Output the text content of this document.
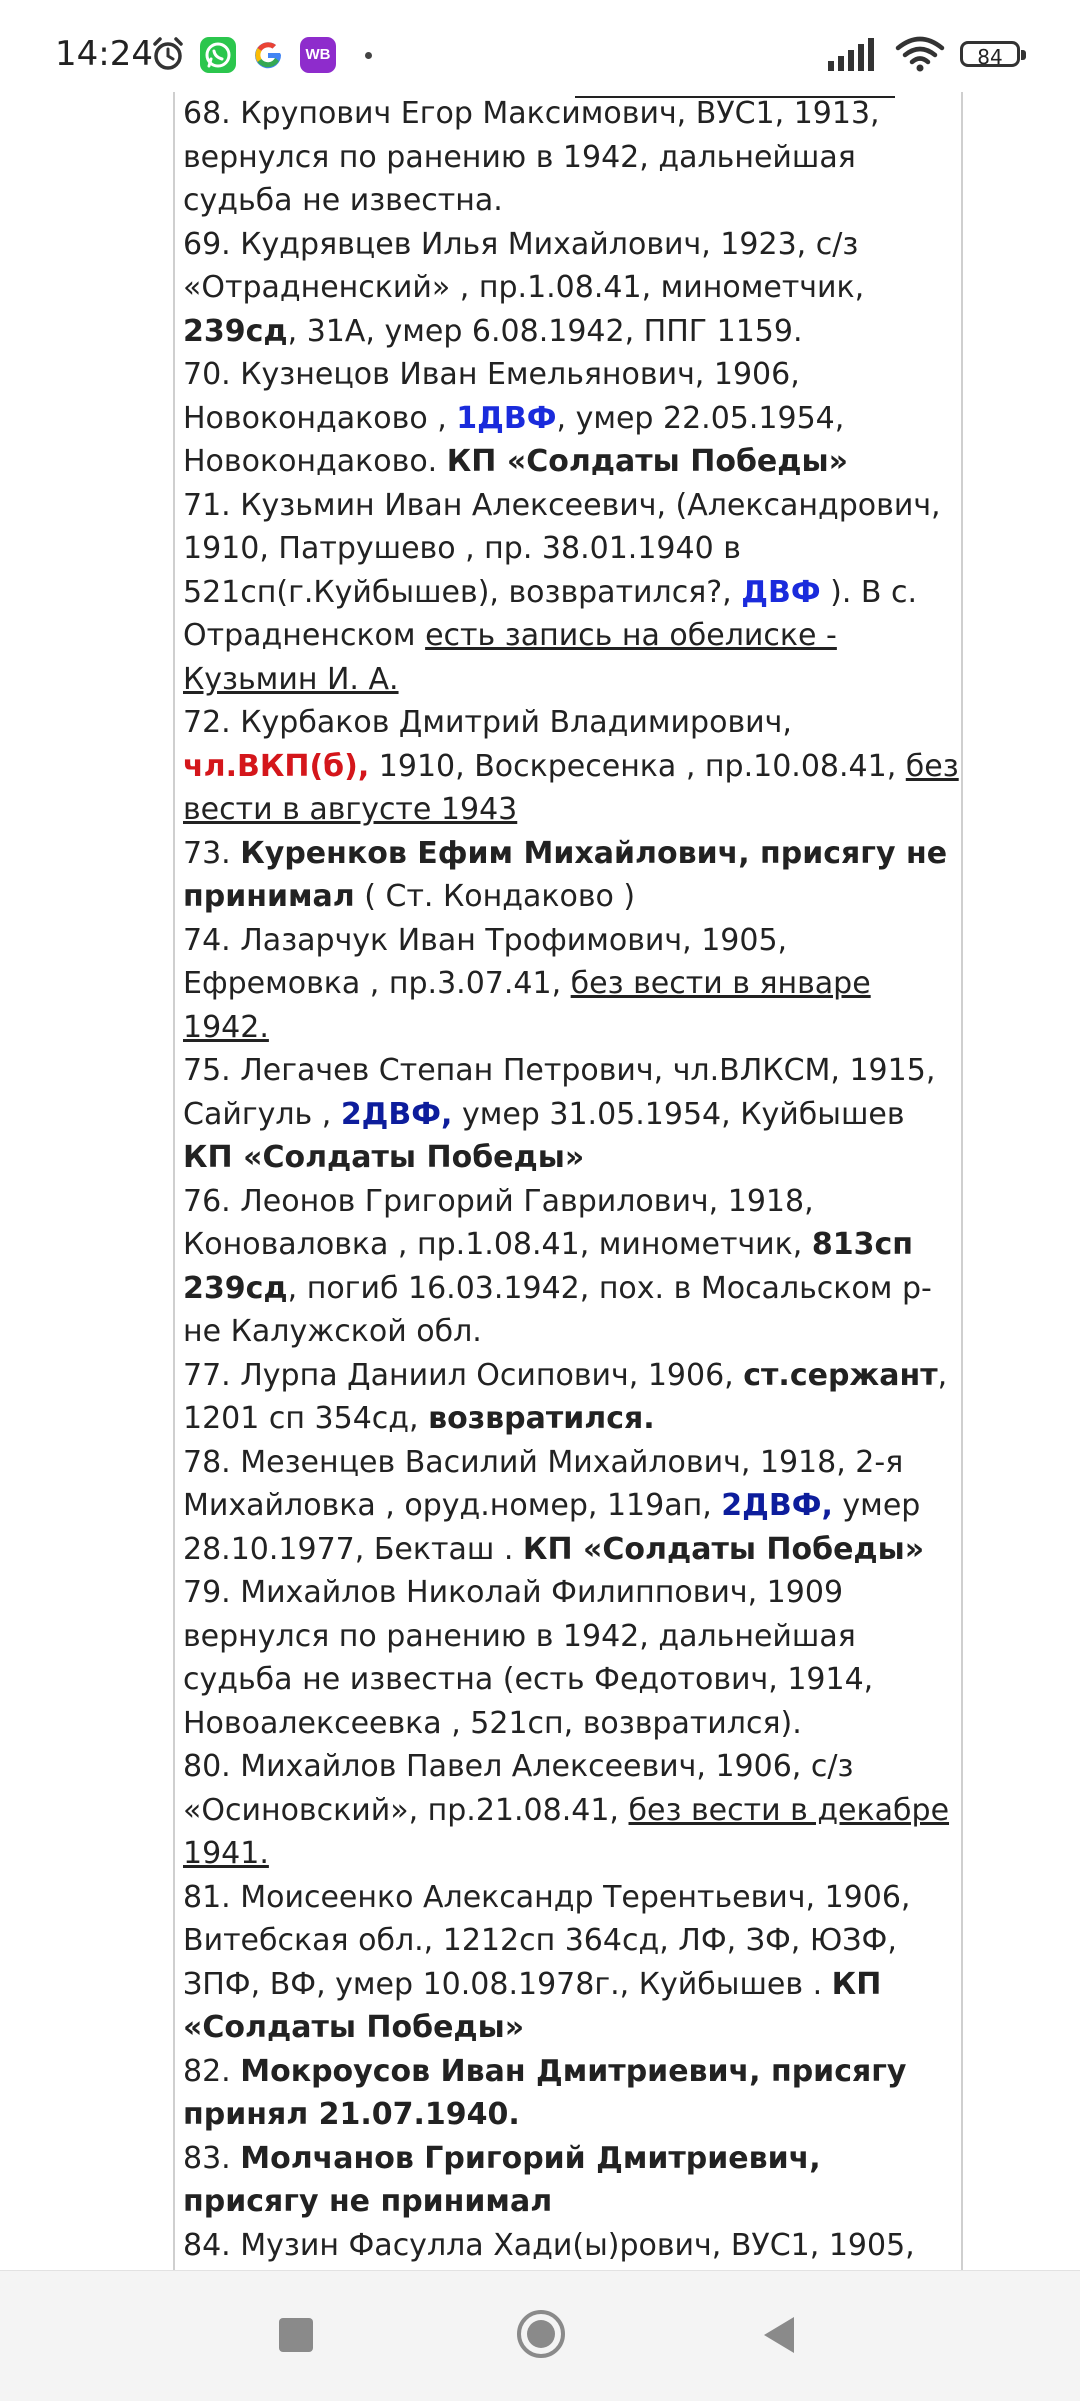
14:24	WB	84

68. Крупович Егор Максимович, ВУС1, 1913, вернулся по ранению в 1942, дальнейшая судьба не известна.

69. Кудрявцев Илья Михайлович, 1923, с/з «Отрадненский» , пр.1.08.41, минометчик, 239сд, 31А, умер 6.08.1942, ППГ 1159.

70. Кузнецов Иван Емельянович, 1906, Новокондаково , 1ДВФ, умер 22.05.1954, Новокондаково. КП «Солдаты Победы»

71. Кузьмин Иван Алексеевич, (Александрович, 1910, Патрушево , пр. 38.01.1940 в 521сп(г.Куйбышев), возвратился?, ДВФ ). В с. Отрадненском есть запись на обелиске - Кузьмин И. А.

72. Курбаков Дмитрий Владимирович, чл.ВКП(б), 1910, Воскресенка , пр.10.08.41, без вести в августе 1943

73. Куренков Ефим Михайлович, присягу не принимал ( Ст. Кондаково )

74. Лазарчук Иван Трофимович, 1905, Ефремовка , пр.3.07.41, без вести в январе 1942.

75. Легачев Степан Петрович, чл.ВЛКСМ, 1915, Сайгуль , 2ДВФ, умер 31.05.1954, Куйбышев КП «Солдаты Победы»

76. Леонов Григорий Гаврилович, 1918, Коноваловка , пр.1.08.41, минометчик, 813сп 239сд, погиб 16.03.1942, пох. в Мосальском р-не Калужской обл.

77. Лурпа Даниил Осипович, 1906, ст.сержант, 1201 сп 354сд, возвратился.

78. Мезенцев Василий Михайлович, 1918, 2-я Михайловка , оруд.номер, 119ап, 2ДВФ, умер 28.10.1977, Бекташ . КП «Солдаты Победы»

79. Михайлов Николай Филиппович, 1909 вернулся по ранению в 1942, дальнейшая судьба не известна (есть Федотович, 1914, Новоалексеевка , 521сп, возвратился).

80. Михайлов Павел Алексеевич, 1906, с/з «Осиновский», пр.21.08.41, без вести в декабре 1941.

81. Моисеенко Александр Терентьевич, 1906, Витебская обл., 1212сп 364сд, ЛФ, ЗФ, ЮЗФ, ЗПФ, ВФ, умер 10.08.1978г., Куйбышев . КП «Солдаты Победы»

82. Мокроусов Иван Дмитриевич, присягу принял 21.07.1940.

83. Молчанов Григорий Дмитриевич, присягу не принимал

84. Музин Фасулла Хади(ы)рович, ВУС1, 1905,
